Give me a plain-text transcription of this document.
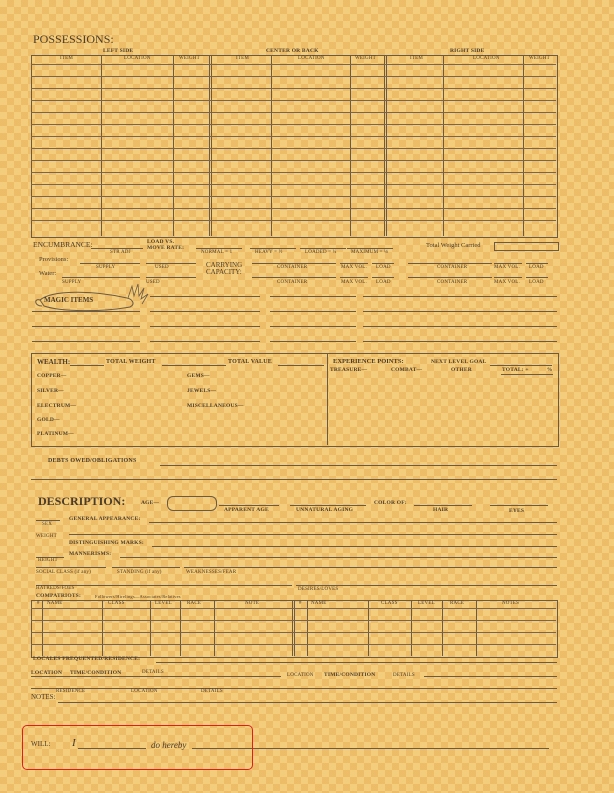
POSSESSIONS:
LEFT SIDE	CENTER OR BACK	RIGHT SIDE
ITEM	LOCATION	WEIGHT	ITEM	LOCATION	WEIGHT	ITEM	LOCATION	WEIGHT
ENCUMBRANCE:
STR ADJ
LOAD VS.
MOVE RATE:
NORMAL = 1	HEAVY = ½	LOADED = ¼	MAXIMUM = ⅛
Total Weight Carried
Provisions:
SUPPLY	USED
Water:
SUPPLY	USED
CARRYING
CAPACITY:
CONTAINER	MAX VOL. LOAD	CONTAINER	MAX VOL. LOAD
CONTAINER	MAX VOL. LOAD	CONTAINER	MAX VOL. LOAD
MAGIC ITEMS
WEALTH:	TOTAL WEIGHT	TOTAL VALUE
COPPER—
SILVER—
ELECTRUM—
GOLD—
PLATINUM—
GEMS—
JEWELS—
MISCELLANEOUS—
EXPERIENCE POINTS:	NEXT LEVEL GOAL
TREASURE—	COMBAT—	OTHER	TOTAL: +	%
DEBTS OWED/OBLIGATIONS
DESCRIPTION:	AGE—
APPARENT AGE	UNNATURAL AGING
COLOR OF:
HAIR	EYES
SEX
GENERAL APPEARANCE:
WEIGHT
DISTINGUISHING MARKS:
MANNERISMS:
HEIGHT
SOCIAL CLASS (if any)	STANDING (if any)	WEAKNESSES/FEAR
HATREDS/FOES	DESIRES/LOVES
COMPATRIOTS:	Followers/Hirelings—Associates/Relatives
# NAME	CLASS	LEVEL	RACE	NOTE	# NAME	CLASS	LEVEL	RACE	NOTES
LOCALES FREQUENTED/RESIDENCE:
LOCATION TIME/CONDITION	DETAILS
LOCATION TIME/CONDITION	DETAILS
RESIDENCE	LOCATION	DETAILS
NOTES:
WILL: I	do hereby
